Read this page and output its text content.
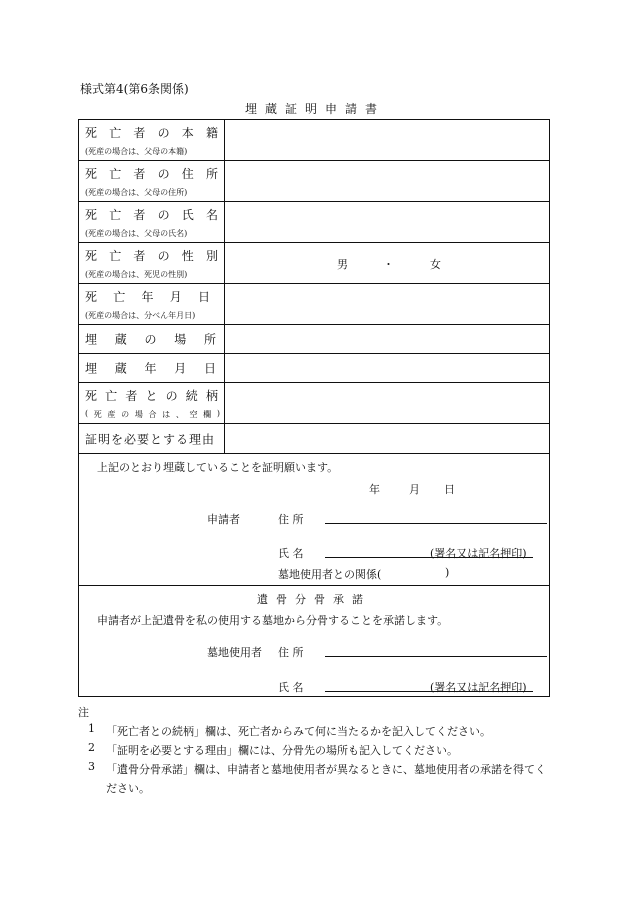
様式第4(第6条関係)
埋蔵証明申請書
死 亡 者 の 本 籍
(死産の場合は、父母の本籍)
死 亡 者 の 住 所
(死産の場合は、父母の住所)
死 亡 者 の 氏 名
(死産の場合は、父母の氏名)
死 亡 者 の 性 別
(死産の場合は、死児の性別)
男	・	女
死 亡 年 月 日
(死産の場合は、分べん年月日)
埋 蔵 の 場 所
埋 蔵 年 月 日
死 亡 者 と の 続 柄
( 死 産 の 場 合 は 、 空 欄 )
証明を必要とする理由
上記のとおり埋蔵していることを証明願います。
年	月 日
申請者	住 所
氏 名	(署名又は記名押印)
墓地使用者との関係(	)
遺骨分骨承諾
申請者が上記遺骨を私の使用する墓地から分骨することを承諾します。
墓地使用者 住 所
氏 名	(署名又は記名押印)
注
1 「死亡者との続柄」欄は、死亡者からみて何に当たるかを記入してください。
2 「証明を必要とする理由」欄には、分骨先の場所も記入してください。
3 「遺骨分骨承諾」欄は、申請者と墓地使用者が異なるときに、墓地使用者の承諾を得てください。
